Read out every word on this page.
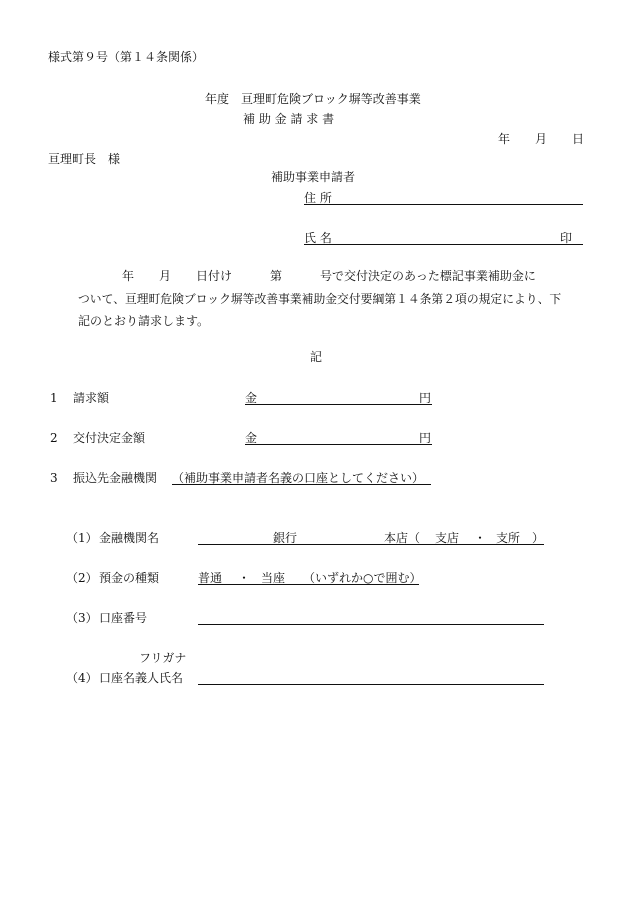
様式第９号（第１４条関係）
年度　亘理町危険ブロック塀等改善事業
補 助 金 請 求 書
年 月 日
亘理町長　様
補助事業申請者
住 所
氏 名	印
年 月 日付け	第	号で交付決定のあった標記事業補助金に
ついて、亘理町危険ブロック塀等改善事業補助金交付要綱第１４条第２項の規定により、下
記のとおり請求します。
記
1 請求額	金	円
2 交付決定金額	金	円
3 振込先金融機関 （補助事業申請者名義の口座としてください）
（1） 金融機関名	銀行	本店（ 支店 ・ 支所　）
（2） 預金の種類	普通 ・ 当座 （いずれか○で囲む）
（3） 口座番号
フリガナ
（4） 口座名義人氏名
